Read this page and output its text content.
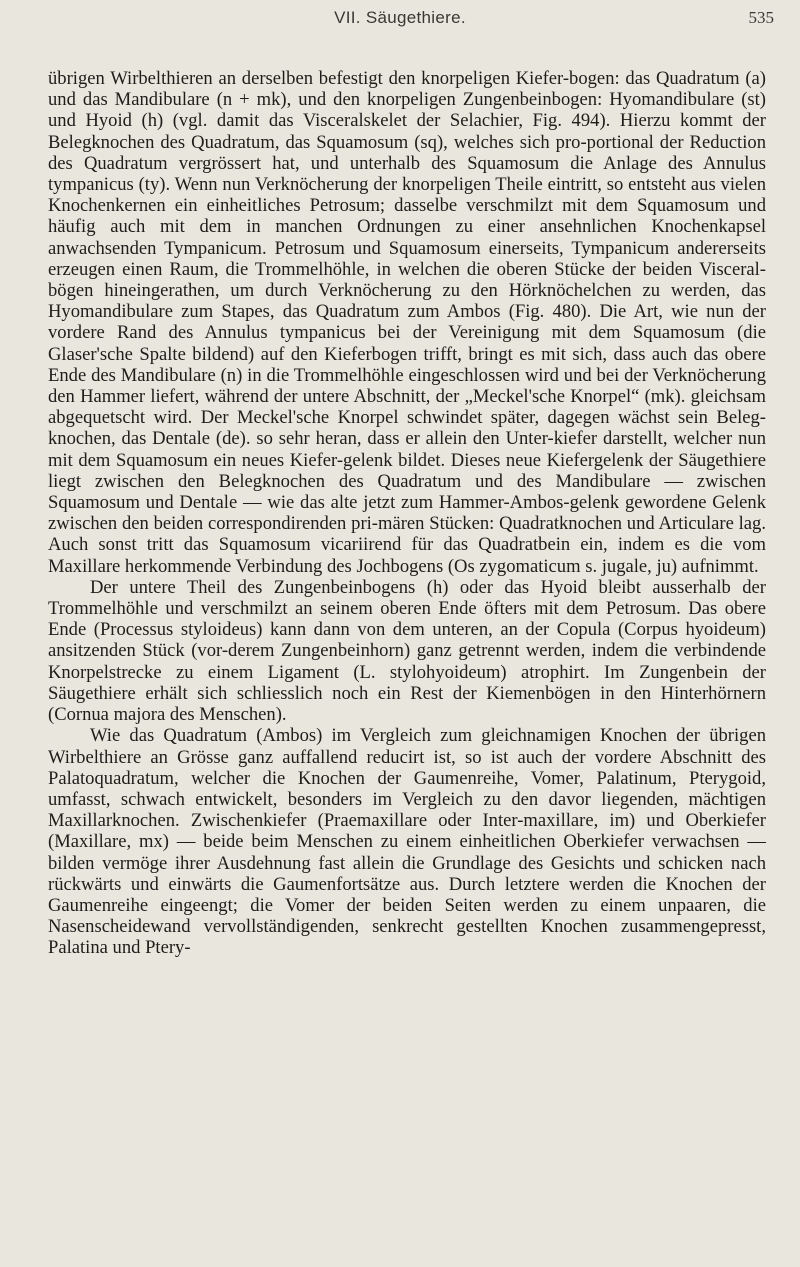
VII. Säugethiere.	535

übrigen Wirbelthieren an derselben befestigt den knorpeligen Kiefer-bogen: das Quadratum (a) und das Mandibulare (n + mk), und den knorpeligen Zungenbeinbogen: Hyomandibulare (st) und Hyoid (h) (vgl. damit das Visceralskelet der Selachier, Fig. 494). Hierzu kommt der Belegknochen des Quadratum, das Squamosum (sq), welches sich pro-portional der Reduction des Quadratum vergrössert hat, und unterhalb des Squamosum die Anlage des Annulus tympanicus (ty). Wenn nun Verknöcherung der knorpeligen Theile eintritt, so entsteht aus vielen Knochenkernen ein einheitliches Petrosum; dasselbe verschmilzt mit dem Squamosum und häufig auch mit dem in manchen Ordnungen zu einer ansehnlichen Knochenkapsel anwachsenden Tympanicum. Petrosum und Squamosum einerseits, Tympanicum andererseits erzeugen einen Raum, die Trommelhöhle, in welchen die oberen Stücke der beiden Visceral-bögen hineingerathen, um durch Verknöcherung zu den Hörknöchelchen zu werden, das Hyomandibulare zum Stapes, das Quadratum zum Ambos (Fig. 480). Die Art, wie nun der vordere Rand des Annulus tympanicus bei der Vereinigung mit dem Squamosum (die Glaser'sche Spalte bildend) auf den Kieferbogen trifft, bringt es mit sich, dass auch das obere Ende des Mandibulare (n) in die Trommelhöhle eingeschlossen wird und bei der Verknöcherung den Hammer liefert, während der untere Abschnitt, der „Meckel'sche Knorpel“ (mk). gleichsam abgequetscht wird. Der Meckel'sche Knorpel schwindet später, dagegen wächst sein Beleg-knochen, das Dentale (de). so sehr heran, dass er allein den Unter-kiefer darstellt, welcher nun mit dem Squamosum ein neues Kiefer-gelenk bildet. Dieses neue Kiefergelenk der Säugethiere liegt zwischen den Belegknochen des Quadratum und des Mandibulare — zwischen Squamosum und Dentale — wie das alte jetzt zum Hammer-Ambos-gelenk gewordene Gelenk zwischen den beiden correspondirenden pri-mären Stücken: Quadratknochen und Articulare lag. Auch sonst tritt das Squamosum vicariirend für das Quadratbein ein, indem es die vom Maxillare herkommende Verbindung des Jochbogens (Os zygomaticum s. jugale, ju) aufnimmt.

Der untere Theil des Zungenbeinbogens (h) oder das Hyoid bleibt ausserhalb der Trommelhöhle und verschmilzt an seinem oberen Ende öfters mit dem Petrosum. Das obere Ende (Processus styloideus) kann dann von dem unteren, an der Copula (Corpus hyoideum) ansitzenden Stück (vor-derem Zungenbeinhorn) ganz getrennt werden, indem die verbindende Knorpelstrecke zu einem Ligament (L. stylohyoideum) atrophirt. Im Zungenbein der Säugethiere erhält sich schliesslich noch ein Rest der Kiemenbögen in den Hinterhörnern (Cornua majora des Menschen).

Wie das Quadratum (Ambos) im Vergleich zum gleichnamigen Knochen der übrigen Wirbelthiere an Grösse ganz auffallend reducirt ist, so ist auch der vordere Abschnitt des Palatoquadratum, welcher die Knochen der Gaumenreihe, Vomer, Palatinum, Pterygoid, umfasst, schwach entwickelt, besonders im Vergleich zu den davor liegenden, mächtigen Maxillarknochen. Zwischenkiefer (Praemaxillare oder Inter-maxillare, im) und Oberkiefer (Maxillare, mx) — beide beim Menschen zu einem einheitlichen Oberkiefer verwachsen — bilden vermöge ihrer Ausdehnung fast allein die Grundlage des Gesichts und schicken nach rückwärts und einwärts die Gaumenfortsätze aus. Durch letztere werden die Knochen der Gaumenreihe eingeengt; die Vomer der beiden Seiten werden zu einem unpaaren, die Nasenscheidewand vervollständigenden, senkrecht gestellten Knochen zusammengepresst, Palatina und Ptery-
